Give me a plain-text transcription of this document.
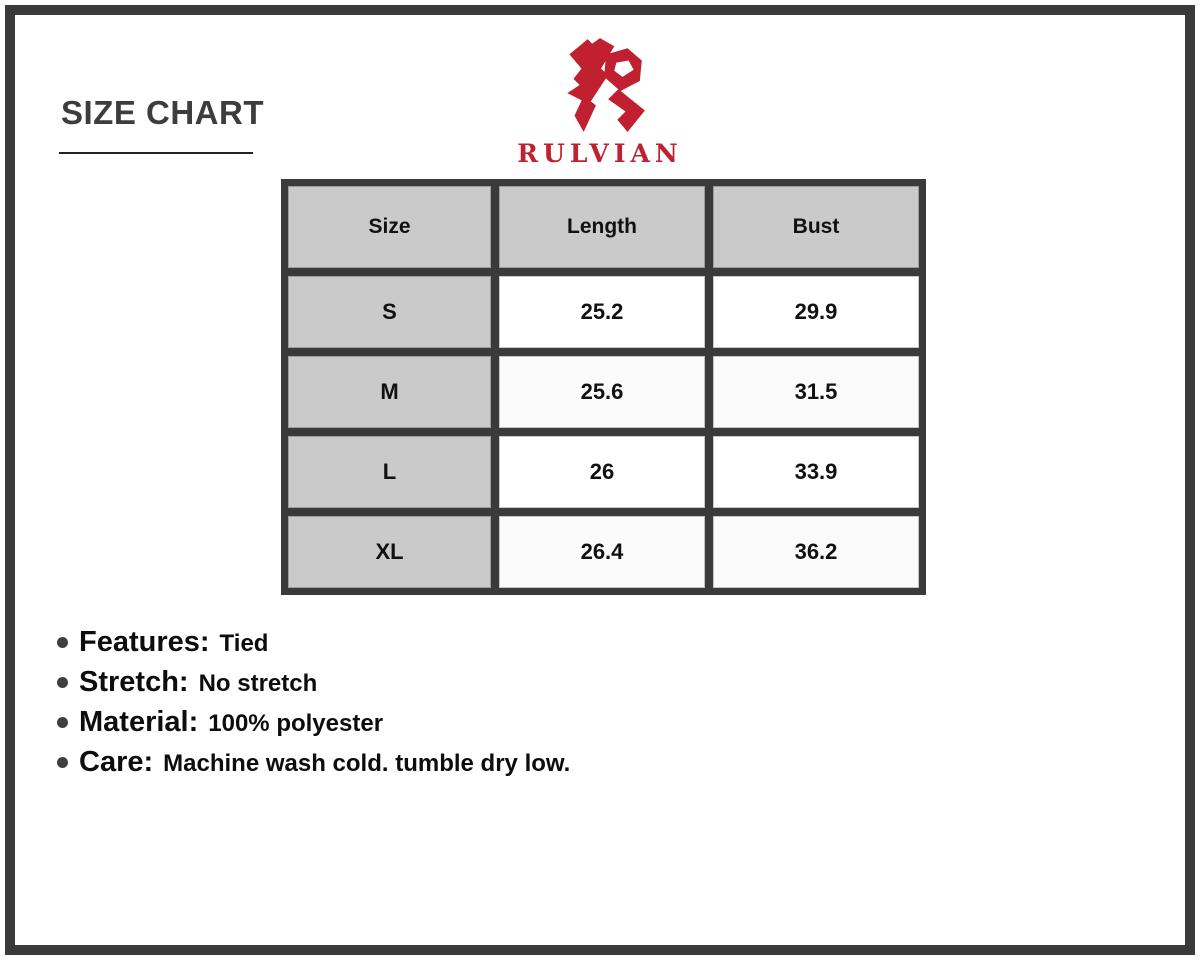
SIZE CHART
RULVIAN
Size	Length	Bust
S	25.2	29.9
M	25.6	31.5
L	26	33.9
XL	26.4	36.2
Features: Tied
Stretch: No stretch
Material: 100% polyester
Care: Machine wash cold. tumble dry low.
